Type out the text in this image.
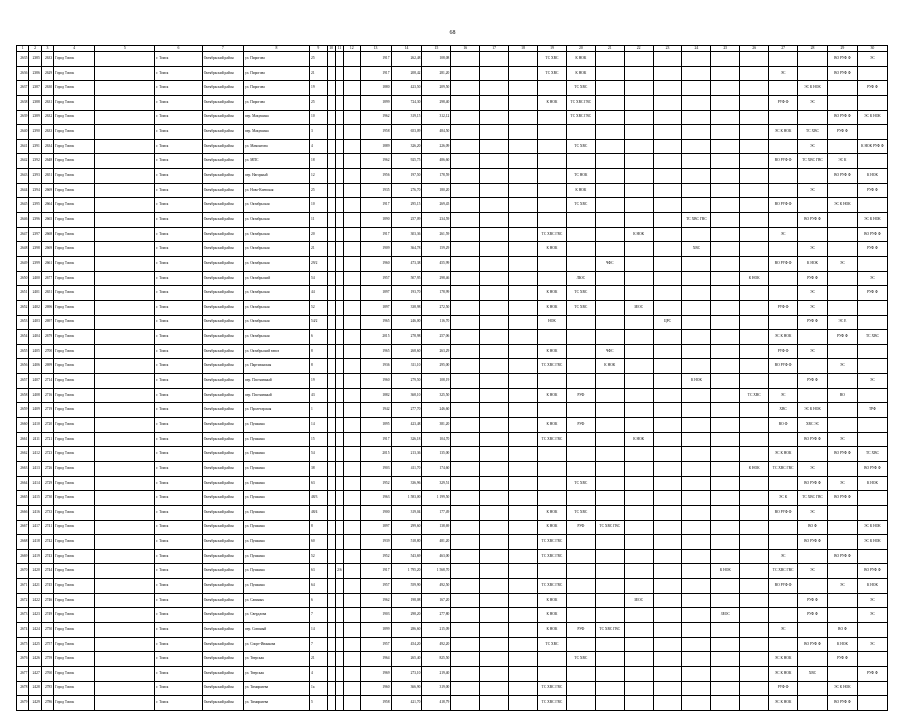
68
1	2	3	4	5	6	7	8	9	10	11	12	13	14	15	16	17	18	19	20	21	22	23	24	25	26	27	28	29	30
2635	2385	2633	Город Томск		г. Томск	Октябрьский район	ул. Пирогова	25				1917	262,48	108,08				ТС ХВС	К НОК									ВО РУФ Ф	ЭС
2636	2386	2629	Город Томск		г. Томск	Октябрьский район	ул. Пирогова	21				1917	208,42	281,20				ТС ХВС	К НОК							ЭС		ВО РУФ Ф	
2637	2387	2630	Город Томск		г. Томск	Октябрьский район	ул. Пирогова	19				1880	423,50	209,50					ТС ХВС								ЭС К НОК		РУФ Ф
2638	2388	2631	Город Томск		г. Томск	Октябрьский район	ул. Пирогова	25				1899	724,30	298,40				К НОК	ТС ХВС ГВС							РУФ Ф	ЭС		
2639	2389	2632	Город Томск		г. Томск	Октябрьский район	пер. Макушина	10				1962	319,15	312,12					ТС ХВС ГВС									ВО РУФ Ф	ЭС К НОК
2640	2390	2633	Город Томск		г. Томск	Октябрьский район	пер. Макушина	3				1958	653,09	484,50												ЭС К НОК	ТС ХВС	РУФ Ф	
2641	2391	2634	Город Томск		г. Томск	Октябрьский район	ул. Мамонтова	4				1889	326,20	226,09					ТС ХВС								ЭС		К НОК РУФ Ф
2642	2392	2648	Город Томск		г. Томск	Октябрьский район	ул. МПС	18				1962	925,75	486,60												ВО РУФ Ф	ТС ХВС ГВС	ЭС К	
2643	2393	2651	Город Томск		г. Томск	Октябрьский район	пер. Нагорный	12				1956	197,50	178,59					ТС НОК									ВО РУФ Ф	К НОК
2644	2394	2669	Город Томск		г. Томск	Октябрьский район	ул. Ново-Киевская	25				1935	276,70	180,20					К НОК								ЭС		РУФ Ф
2645	2395	2664	Город Томск		г. Томск	Октябрьский район	ул. Октябрьская	10				1917	295,15	269,45					ТС ХВС							ВО РУФ Ф		ЭС К НОК	
2646	2396	2665	Город Томск		г. Томск	Октябрьский район	ул. Октябрьская	11				1890	257,09	234,59									ТС ХВС ГВС				ВО РУФ Ф		ЭС К НОК
2647	2397	2668	Город Томск		г. Томск	Октябрьский район	ул. Октябрьская	20				1917	303,36	261,59				ТС ХВС ГВС			К НОК					ЭС			ВО РУФ Ф
2648	2398	2669	Город Томск		г. Томск	Октябрьский район	ул. Октябрьская	21				1909	364,78	159,29				К НОК					ХВС				ЭС		РУФ Ф
2649	2399	2661	Город Томск		г. Томск	Октябрьский район	ул. Октябрьская	29/2				1960	473,38	455,99						ЧФС						ВО РУФ Ф	К НОК	ЭС	
2650	2400	2677	Город Томск		г. Томск	Октябрьский район	ул. Октябрьский	54				1957	507,95	298,46					ЛЮС						К НОК		РУФ Ф		ЭС
2651	2401	2651	Город Томск		г. Томск	Октябрьский район	ул. Октябрьская	44				1897	193,70	178,99				К НОК	ТС ХВС								ЭС		РУФ Ф
2652	2402	2696	Город Томск		г. Томск	Октябрьский район	ул. Октябрьская	52				1897	338,98	272,50				К НОК	ТС ХВС		ЗЕОС					РУФ Ф	ЭС		
2653	2403	2697	Город Томск		г. Томск	Октябрьский район	ул. Октябрьская	54/2				1965	246,00	116,70				НОК				ЦРС					РУФ Ф	ЭС Е	
2654	2404	2679	Город Томск		г. Томск	Октябрьский район	ул. Октябрьская	6				2015	278,98	257,06												ЭС К НОК		РУФ Ф	ТС ХВС
2655	2405	2700	Город Томск		г. Томск	Октябрьский район	ул. Октябрьский взвоз	8				1965	268,60	263,29				К НОК		ЧФС						РУФ Ф	ЭС		
2656	2406	2699	Город Томск		г. Томск	Октябрьский район	ул. Партизанская	8				1936	311,10	295,00				ТС ХВС ГВС		К НОК						ВО РУФ Ф		ЭС	
2657	2407	2714	Город Томск		г. Томск	Октябрьский район	пер. Плотничный	19				1960	279,50	108,19									К НОК				РУФ Ф		ЭС
2658	2408	2716	Город Томск		г. Томск	Октябрьский район	пер. Плотничный	43				1882	368,10	325,50				К НОК	РУФ						ТС ХВС	ЭС		ВО	
2659	2409	2719	Город Томск		г. Томск	Октябрьский район	ул. Пролетарская	1				1942	277,70	246,60												ХВС	ЭС К НОК		ТРФ
2660	2410	2720	Город Томск		г. Томск	Октябрьский район	ул. Пушкина	14				1895	423,48	381,20				К НОК	РУФ							ВО Ф	ХВС ЭС		
2661	2411	2721	Город Томск		г. Томск	Октябрьский район	ул. Пушкина	15				1917	326,18	104,70				ТС ХВС ГВС			К НОК						ВО РУФ Ф	ЭС	
2662	2412	2723	Город Томск		г. Томск	Октябрьский район	ул. Пушкина	54				2015	213,36	135,00												ЭС К НОК		ВО РУФ Ф	ТС ХВС
2663	2413	2726	Город Томск		г. Томск	Октябрьский район	ул. Пушкина	38				1903	411,70	174,60											К НОК	ТС ХВС ГВС	ЭС		ВО РУФ Ф
2664	2414	2729	Город Томск		г. Томск	Октябрьский район	ул. Пушкина	63				1952	336,96	329,51					ТС ХВС								ВО РУФ Ф	ЭС	К НОК
2665	2415	2730	Город Томск		г. Томск	Октябрьский район	ул. Пушкина	48/3				1963	1 583,00	1 199,50												ЭС К	ТС ХВС ГВС	ВО РУФ Ф	
2666	2416	2733	Город Томск		г. Томск	Октябрьский район	ул. Пушкина	48/4				1900	319,04	177,49				К НОК	ТС ХВС							ВО РУФ Ф	ЭС		
2667	2417	2741	Город Томск		г. Томск	Октябрьский район	ул. Пушкина	8				1897	299,60	138,69				К НОК	РУФ	ТС ХВС ГВС							ВО Ф		ЭС К НОК
2668	2418	2742	Город Томск		г. Томск	Октябрьский район	ул. Пушкина	60				1939	518,80	481,20				ТС ХВС ГВС									ВО РУФ Ф		ЭС К НОК
2669	2419	2743	Город Томск		г. Томск	Октябрьский район	ул. Пушкина	52				1952	543,69	463,00				ТС ХВС ГВС								ЭС		ВО РУФ Ф	
2670	2420	2744	Город Томск		г. Томск	Октябрьский район	ул. Пушкина	63		2/6		1917	1 795,20	1 568,70										К НОК		ТС ХВС ГВС	ЭС		ВО РУФ Ф
2671	2421	2745	Город Томск		г. Томск	Октябрьский район	ул. Пушкина	64				1957	559,90	492,50				ТС ХВС ГВС								ВО РУФ Ф		ЭС	К НОК
2672	2422	2746	Город Томск		г. Томск	Октябрьский район	ул. Савиных	6				1962	198,08	167,20				К НОК			ЗЕОС						РУФ Ф		ЭС
2673	2423	2749	Город Томск		г. Томск	Октябрьский район	ул. Свердлова	7				1903	298,20	277,80				К НОК						ЗЕОС			РУФ Ф		ЭС
2674	2424	2750	Город Томск		г. Томск	Октябрьский район	пер. Совпный	14				1899	286,60	215,09				К НОК	РУФ	ТС ХВС ГВС						ЭС		ВО Ф	
2675	2425	2757	Город Томск		г. Томск	Октябрьский район	ул. Спорт-Иваньова	7				1957	454,20	492,20				ТС ХВС									ВО РУФ Ф	К НОК	ЭС
2676	2426	2759	Город Томск		г. Томск	Октябрьский район	ул. Тверская	21				1964	265,40	825,50					ТС ХВС							ЭС К НОК		РУФ Ф	
2677	2427	2760	Город Томск		г. Томск	Октябрьский район	ул. Тверская	4				1969	273,10	219,40												ЭС К НОК	ХВС		РУФ Ф
2678	2428	2785	Город Томск		г. Томск	Октябрьский район	ул. Тимирязева	1а				1960	366,90	319,00				ТС ХВС ГВС								РУФ Ф		ЭС К НОК	
2679	2429	2786	Город Томск		г. Томск	Октябрьский район	ул. Тимирязева	5				1958	421,70	418,79				ТС ХВС ГВС								ЭС К НОК		ВО РУФ Ф	
